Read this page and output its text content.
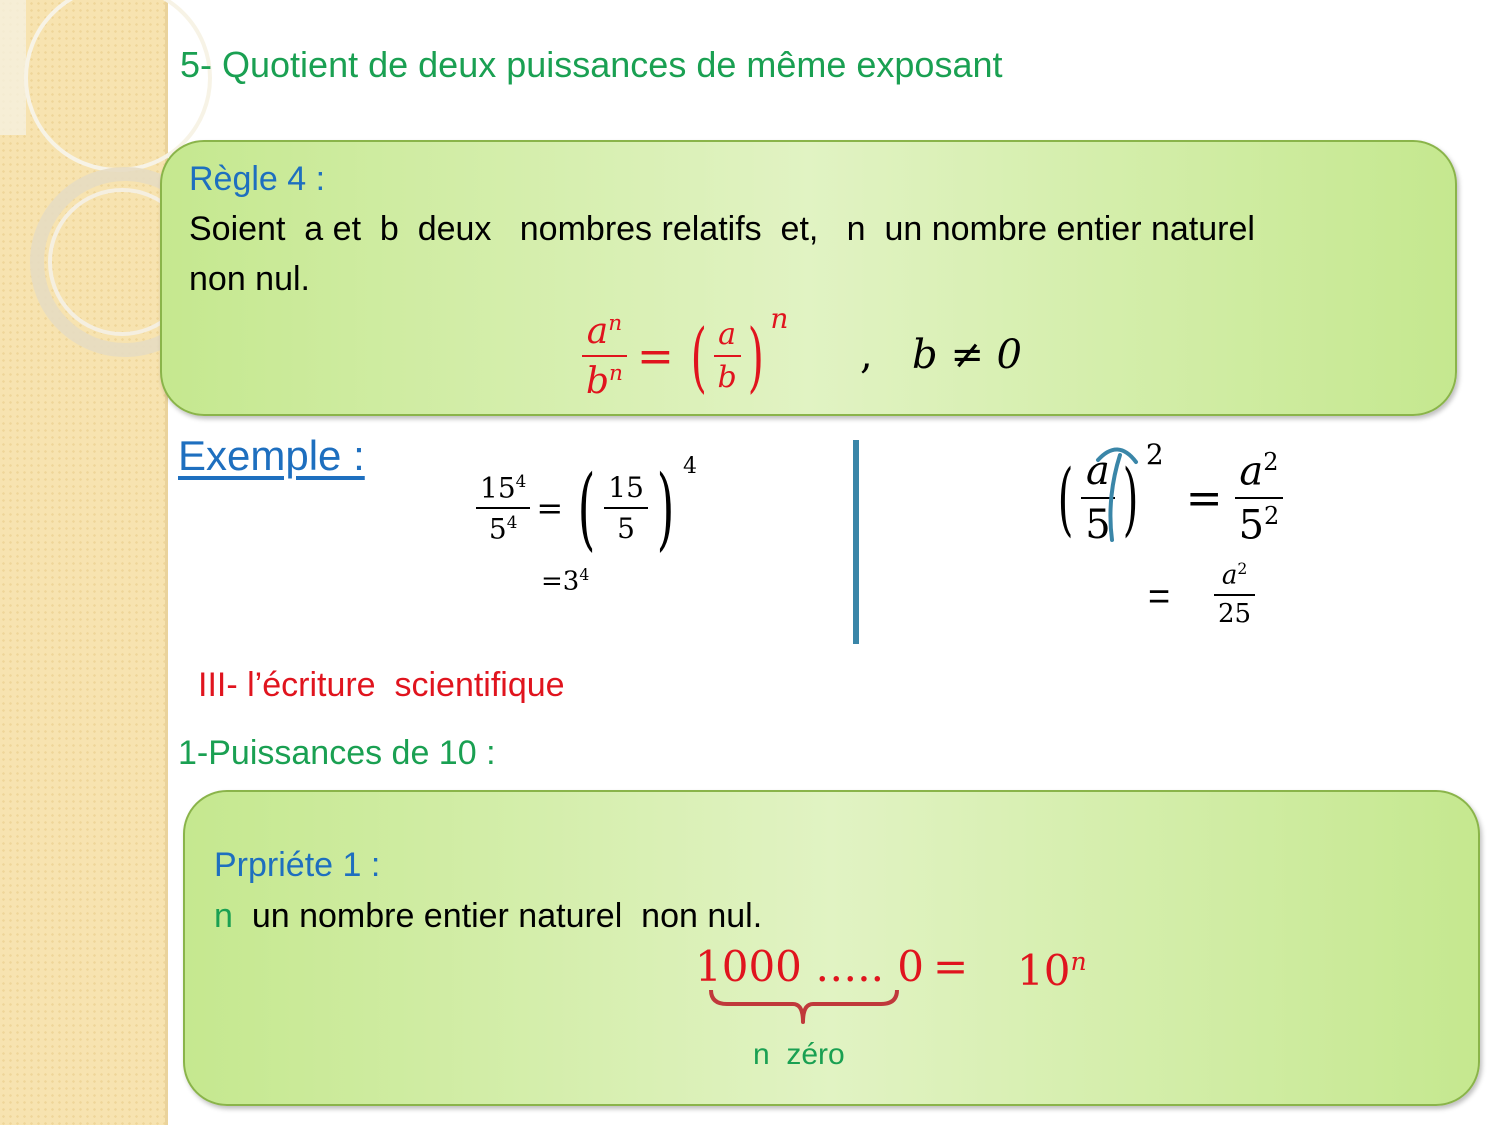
5- Quotient de deux puissances de même exposant
Règle 4 :
Soient  a et  b  deux   nombres relatifs  et,   n  un nombre entier naturel
non nul.
$\frac{a^n}{b^n}$ = ( $\frac{a}{b}$ ) n
, b ≠ 0
Exemple :
$\frac{15^4}{5^4}$ = ( $\frac{15}{5}$ ) 4
$=3^4$
( $\frac{a}{5}$ ) 2
= $\frac{a^2}{5^2}$
= $\frac{a^2}{25}$
III- l’écriture  scientifique
1-Puissances de 10 :
Prpriéte 1 :
n  un nombre entier naturel  non nul.
1000 ….. $0 = 10^n$
n  zéro
